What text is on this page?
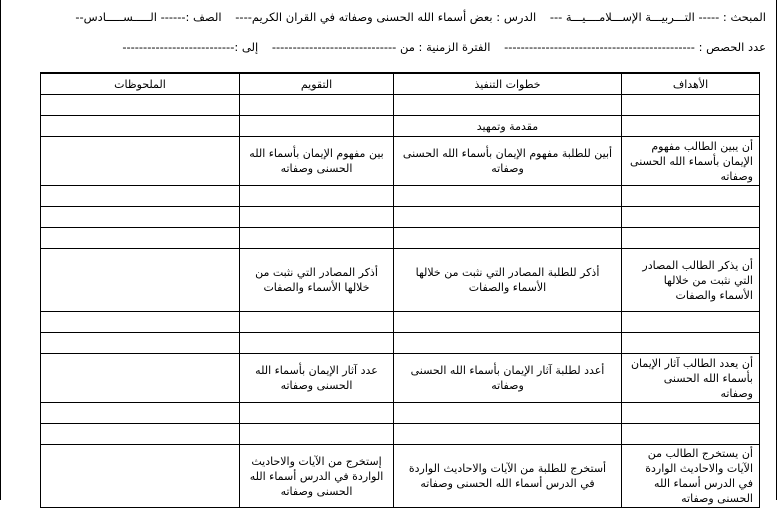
المبحث : ----- التـــربيـــة الإســـلامــــيـــة --- الدرس : بعض أسماء الله الحسنى وصفاته في القران الكريم---- الصف :------ الـــــســـــادس--
عدد الحصص : ---------------------------------------------- الفترة الزمنية : من ------------------------------ إلى :---------------------------
الأهداف	خطوات التنفيذ	التقويم	الملحوظات

	مقدمة وتمهيد		
أن يبين الطالب مفهوم الإيمان بأسماء الله الحسنى وصفاته	أبين للطلبة مفهوم الإيمان بأسماء الله الحسنى وصفاته	بين مفهوم الإيمان بأسماء الله الحسنى وصفاته	

أن يذكر الطالب المصادر التي نثبت من خلالها الأسماء والصفات	أذكر للطلبة المصادر التي نثبت من خلالها الأسماء والصفات	أذكر المصادر التي نثبت من خلالها الأسماء والصفات	

أن يعدد الطالب آثار الإيمان بأسماء الله الحسنى وصفاته	أعدد لطلبة آثار الإيمان بأسماء الله الحسنى وصفاته	عدد آثار الإيمان بأسماء الله الحسنى وصفاته	

أن يستخرج الطالب من الآيات والاحاديث الواردة في الدرس أسماء الله الحسنى وصفاته	أستخرج للطلبة من الآيات والاحاديث الواردة في الدرس أسماء الله الحسنى وصفاته	إستخرج من الآيات والاحاديث الواردة في الدرس أسماء الله الحسنى وصفاته	
